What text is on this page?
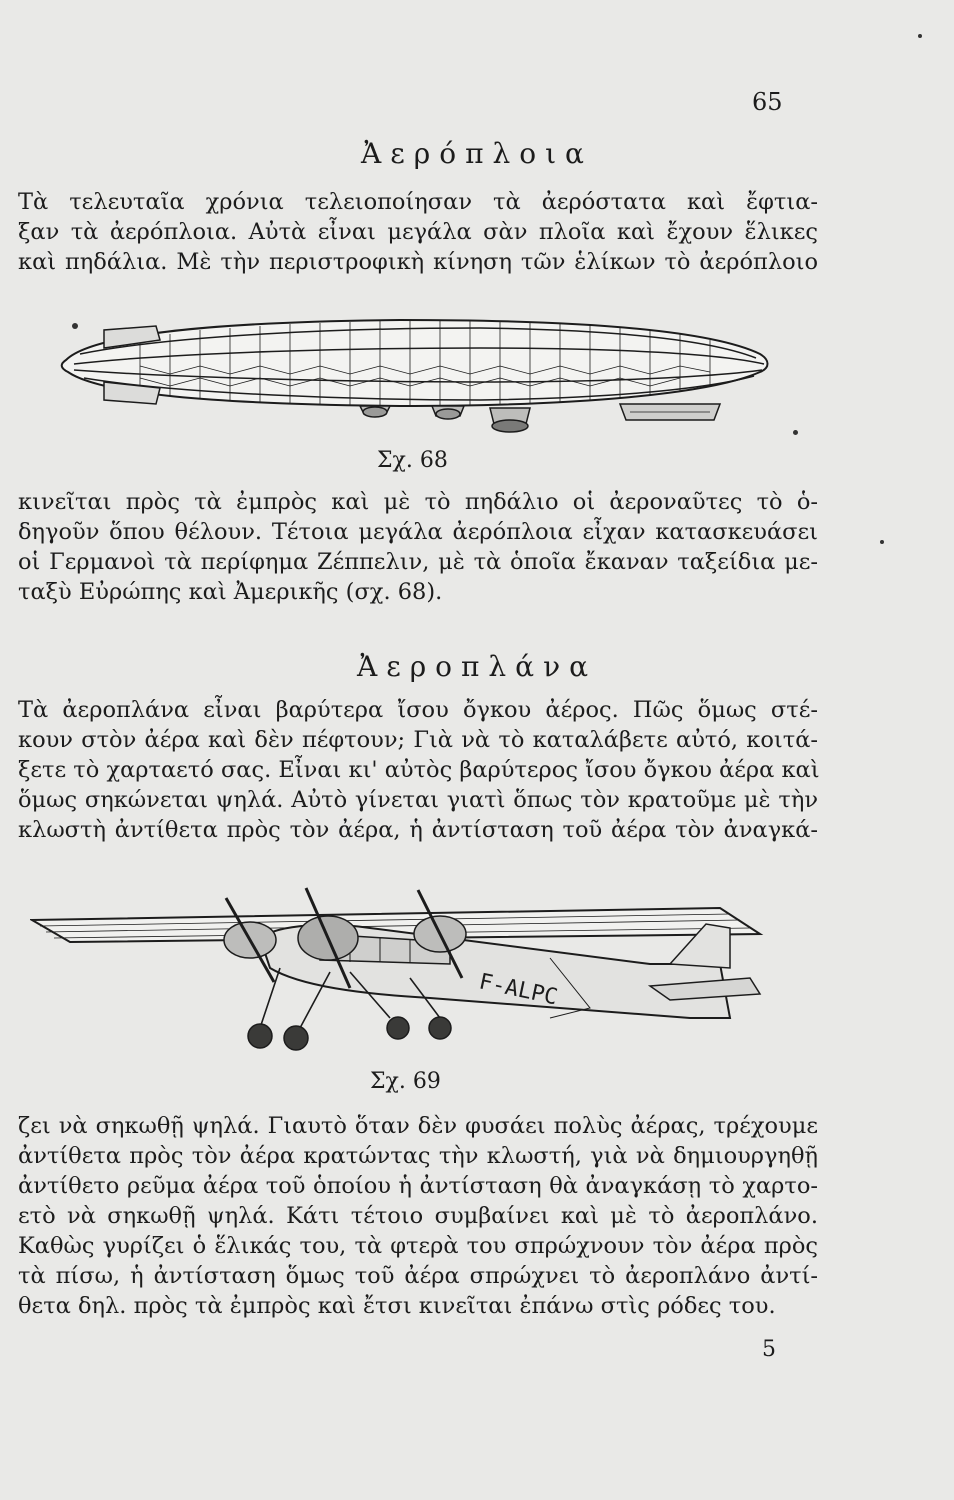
65
Ἀερόπλοια
Τὰ τελευταῖα χρόνια τελειοποίησαν τὰ ἀερόστατα καὶ ἔφτια-
ξαν τὰ ἀερόπλοια. Αὐτὰ εἶναι μεγάλα σὰν πλοῖα καὶ ἔχουν ἕλικες
καὶ πηδάλια. Μὲ τὴν περιστροφικὴ κίνηση τῶν ἑλίκων τὸ ἀερόπλοιο
Σχ. 68
κινεῖται πρὸς τὰ ἐμπρὸς καὶ μὲ τὸ πηδάλιο οἱ ἀεροναῦτες τὸ ὁ-
δηγοῦν ὅπου θέλουν. Τέτοια μεγάλα ἀερόπλοια εἶχαν κατασκευάσει
οἱ Γερμανοὶ τὰ περίφημα Ζέππελιν, μὲ τὰ ὁποῖα ἔκαναν ταξείδια με-
ταξὺ Εὐρώπης καὶ Ἀμερικῆς (σχ. 68).
Ἀεροπλάνα
Τὰ ἀεροπλάνα εἶναι βαρύτερα ἴσου ὄγκου ἀέρος. Πῶς ὅμως στέ-
κουν στὸν ἀέρα καὶ δὲν πέφτουν; Γιὰ νὰ τὸ καταλάβετε αὐτό, κοιτά-
ξετε τὸ χαρταετό σας. Εἶναι κι' αὐτὸς βαρύτερος ἴσου ὄγκου ἀέρα καὶ
ὅμως σηκώνεται ψηλά. Αὐτὸ γίνεται γιατὶ ὅπως τὸν κρατοῦμε μὲ τὴν
κλωστὴ ἀντίθετα πρὸς τὸν ἀέρα, ἡ ἀντίσταση τοῦ ἀέρα τὸν ἀναγκά-
F-ALPC
Σχ. 69
ζει νὰ σηκωθῇ ψηλά. Γιαυτὸ ὅταν δὲν φυσάει πολὺς ἀέρας, τρέχουμε
ἀντίθετα πρὸς τὸν ἀέρα κρατώντας τὴν κλωστή, γιὰ νὰ δημιουργηθῇ
ἀντίθετο ρεῦμα ἀέρα τοῦ ὁποίου ἡ ἀντίσταση θὰ ἀναγκάσῃ τὸ χαρτο-
ετὸ νὰ σηκωθῇ ψηλά. Κάτι τέτοιο συμβαίνει καὶ μὲ τὸ ἀεροπλάνο.
Καθὼς γυρίζει ὁ ἕλικάς του, τὰ φτερὰ του σπρώχνουν τὸν ἀέρα πρὸς
τὰ πίσω, ἡ ἀντίσταση ὅμως τοῦ ἀέρα σπρώχνει τὸ ἀεροπλάνο ἀντί-
θετα δηλ. πρὸς τὰ ἐμπρὸς καὶ ἔτσι κινεῖται ἐπάνω στὶς ρόδες του.
5
